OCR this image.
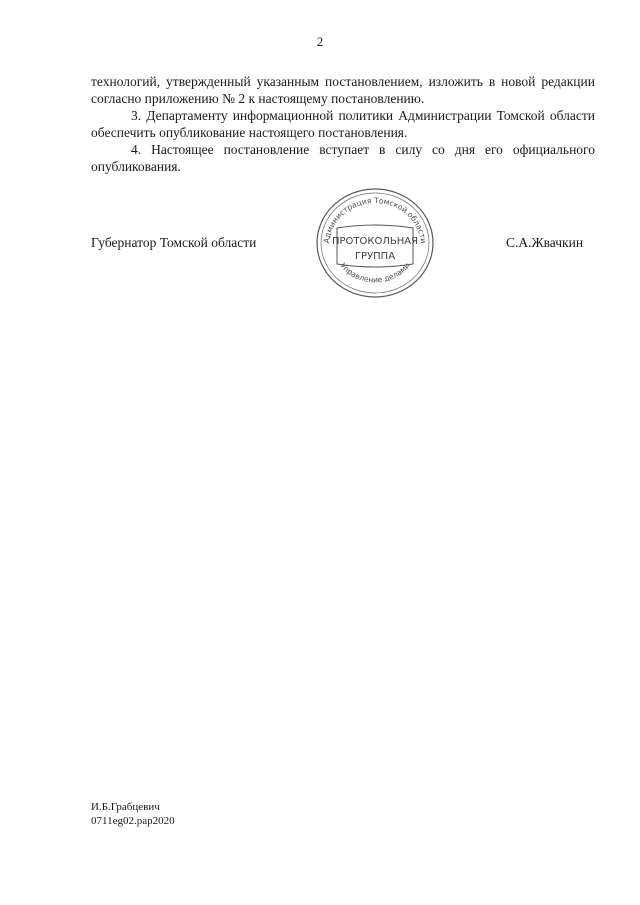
2

технологий, утвержденный указанным постановлением, изложить в новой редакции согласно приложению № 2 к настоящему постановлению.

3. Департаменту информационной политики Администрации Томской области обеспечить опубликование настоящего постановления.

4. Настоящее постановление вступает в силу со дня его официального опубликования.

Губернатор Томской области	Администрация Томской области
Управление делами
ПРОТОКОЛЬНАЯ
ГРУППА
С.А.Жвачкин
И.Б.Грабцевич
0711eg02.pap2020
